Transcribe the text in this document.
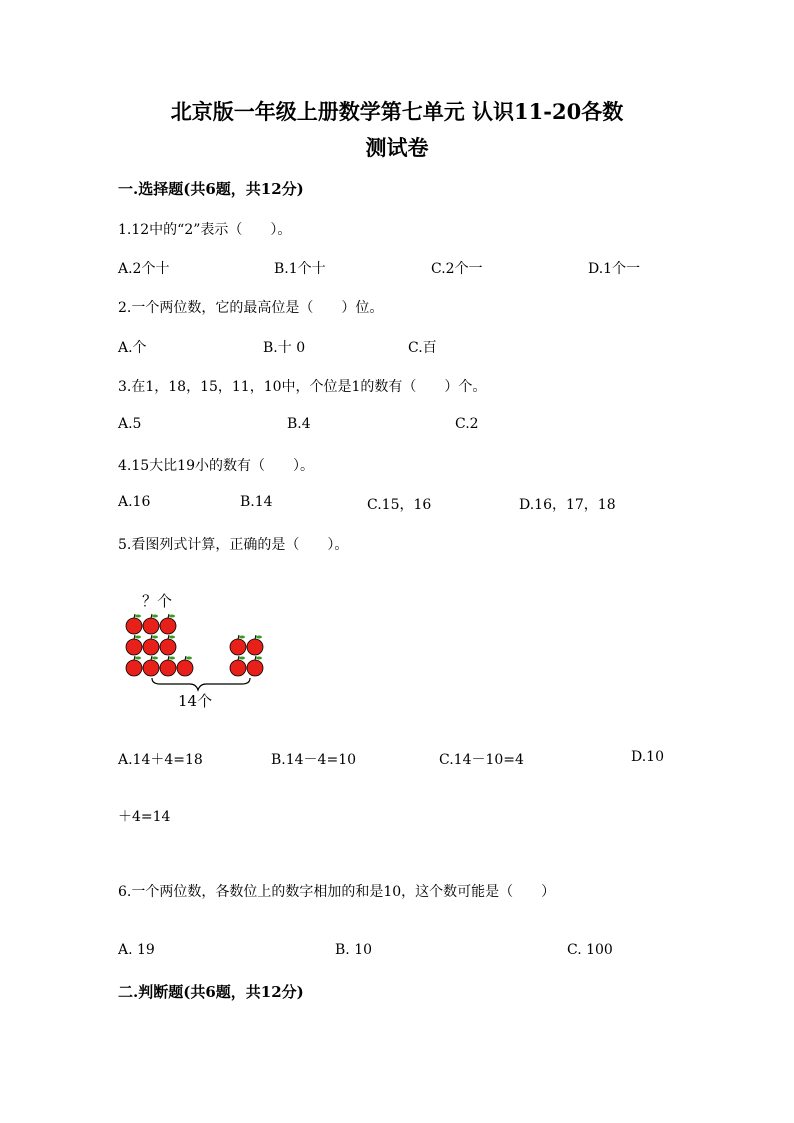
北京版一年级上册数学第七单元 认识11-20各数
测试卷
一.选择题(共6题，共12分)
1.12中的“2”表示（　　）。
A.2个十	B.1个十	C.2个一	D.1个一
2.一个两位数，它的最高位是（　　）位。
A.个	B.十 0	C.百
3.在1，18，15，11，10中，个位是1的数有（　　）个。
A.5	B.4	C.2
4.15大比19小的数有（　　）。
A.16	B.14	C.15，16	D.16，17，18
5.看图列式计算，正确的是（　　）。
？个
14个
A.14＋4=18	B.14－4=10	C.14－10=4	D.10
＋4=14
6.一个两位数，各数位上的数字相加的和是10，这个数可能是（　　）
A. 19	B. 10	C. 100
二.判断题(共6题，共12分)
